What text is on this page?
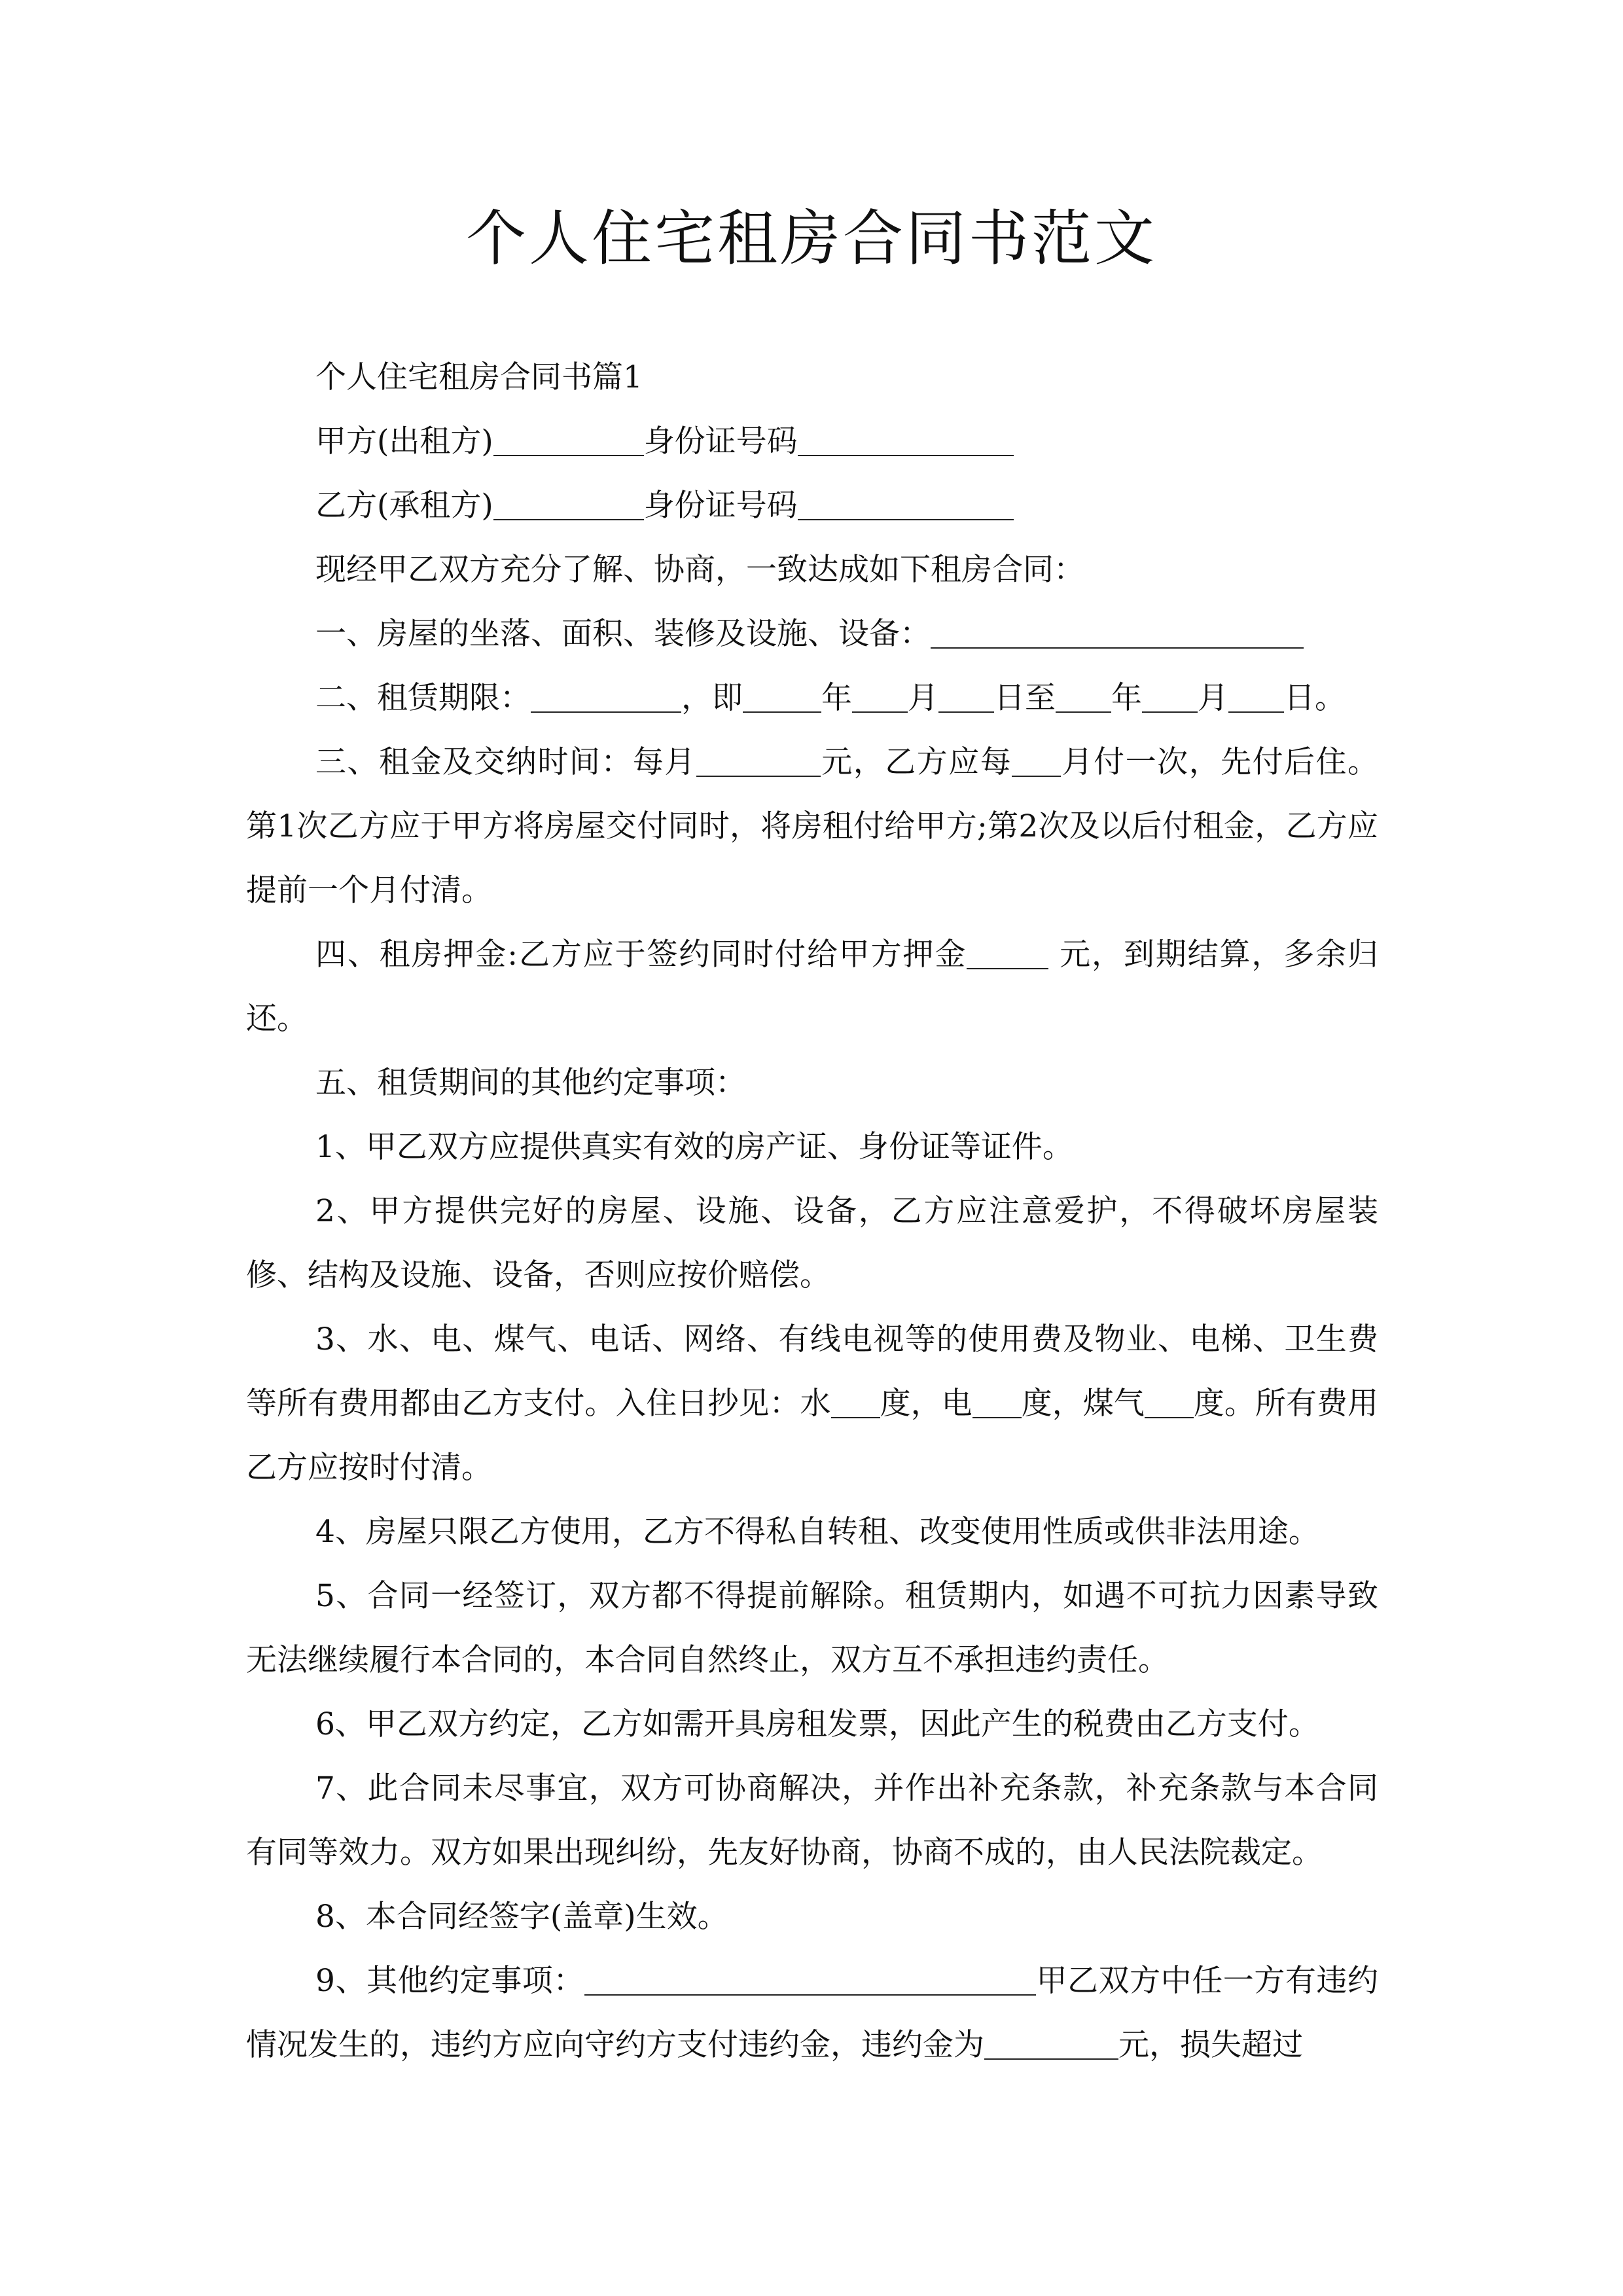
个人住宅租房合同书范文

个人住宅租房合同书篇1

甲方(出租方)	身份证号码

乙方(承租方)	身份证号码

现经甲乙双方充分了解、协商，一致达成如下租房合同：

一、房屋的坐落、面积、装修及设施、设备：

二、租赁期限：	，即	年 月 日至 年 月 日。

三、租金及交纳时间：每月	元，乙方应每 月付一次，先付后住。第1次乙方应于甲方将房屋交付同时，将房租付给甲方;第2次及以后付租金，乙方应提前一个月付清。

四、租房押金:乙方应于签约同时付给甲方押金	元，到期结算，多余归还。

五、租赁期间的其他约定事项：

1、甲乙双方应提供真实有效的房产证、身份证等证件。

2、甲方提供完好的房屋、设施、设备，乙方应注意爱护，不得破坏房屋装修、结构及设施、设备，否则应按价赔偿。

3、水、电、煤气、电话、网络、有线电视等的使用费及物业、电梯、卫生费等所有费用都由乙方支付。入住日抄见：水 度，电 度，煤气 度。所有费用乙方应按时付清。

4、房屋只限乙方使用，乙方不得私自转租、改变使用性质或供非法用途。

5、合同一经签订，双方都不得提前解除。租赁期内，如遇不可抗力因素导致无法继续履行本合同的，本合同自然终止，双方互不承担违约责任。

6、甲乙双方约定，乙方如需开具房租发票，因此产生的税费由乙方支付。

7、此合同未尽事宜，双方可协商解决，并作出补充条款，补充条款与本合同有同等效力。双方如果出现纠纷，先友好协商，协商不成的，由人民法院裁定。

8、本合同经签字(盖章)生效。

9、其他约定事项：	甲乙双方中任一方有违约情况发生的，违约方应向守约方支付违约金，违约金为	元，损失超过
